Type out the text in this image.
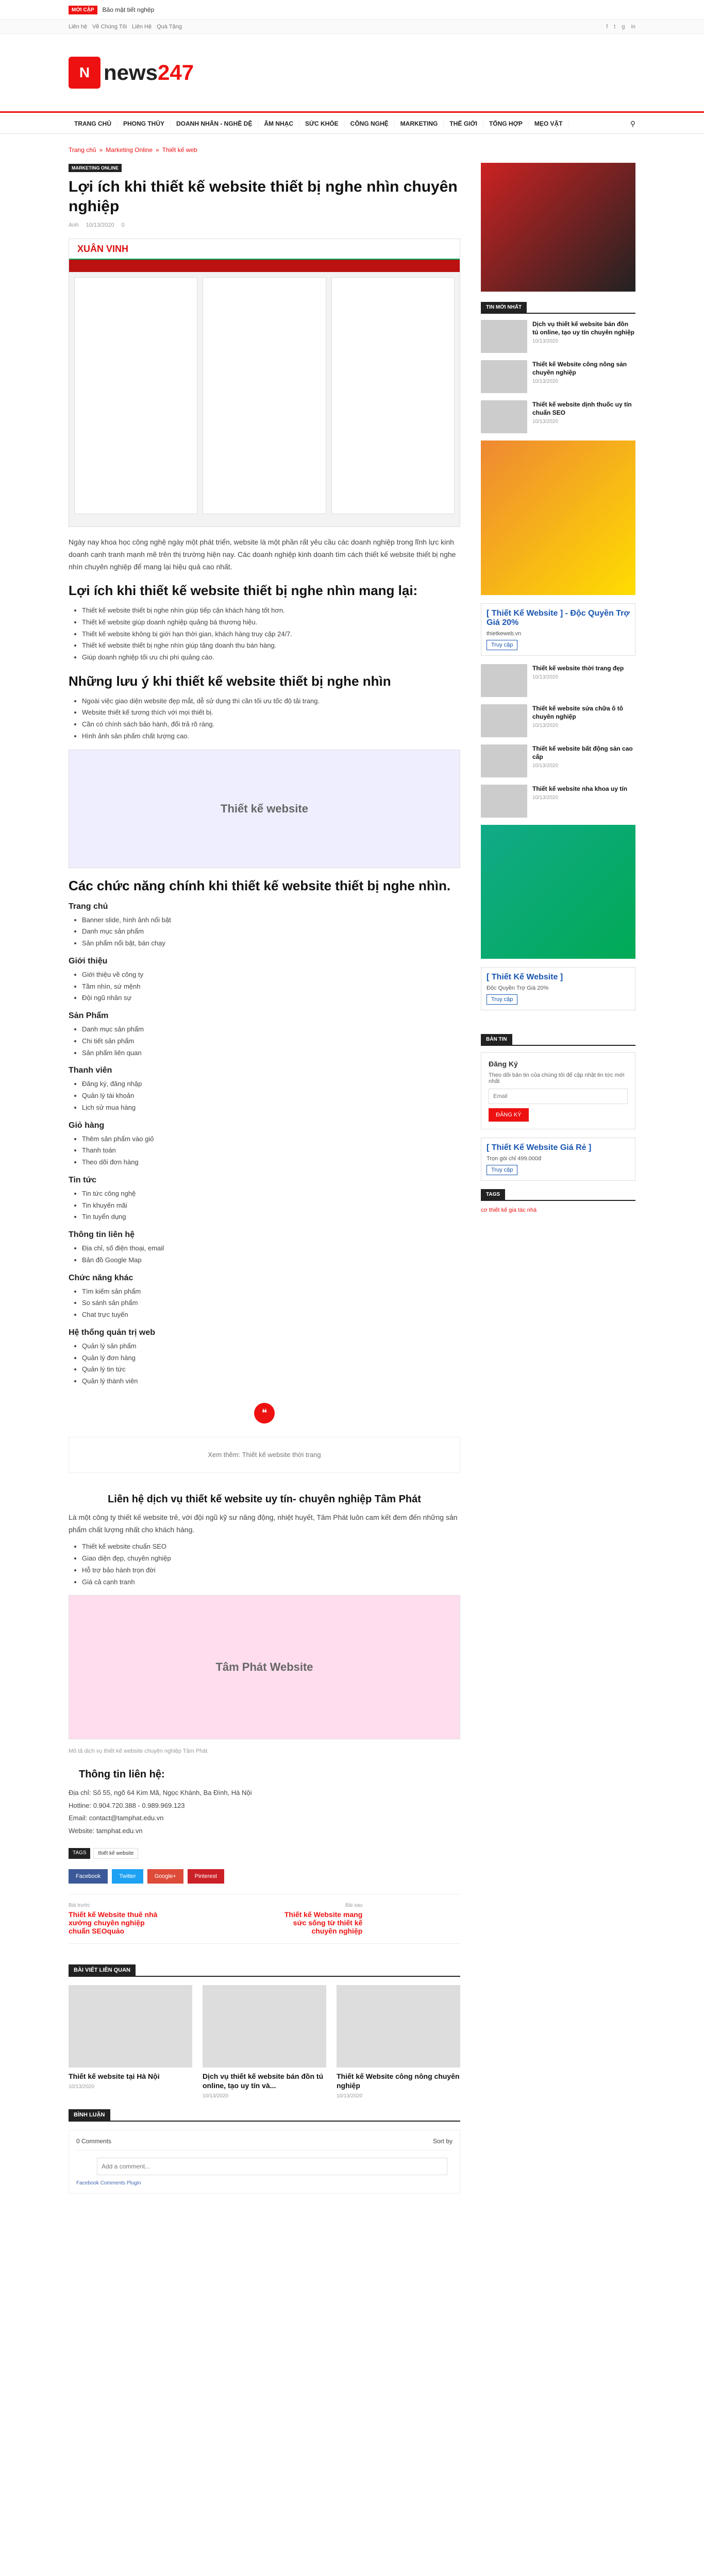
MỚI CẬP	Bảo mật tiết nghệp
Liên hệ Về Chúng Tôi Liên Hệ Quà Tặng	f t g in
N news247
TRANG CHỦ	PHONG THỦY	DOANH NHÂN - NGHỀ DỆ	ÂM NHẠC	SỨC KHỎE	CÔNG NGHỆ	MARKETING	THẾ GIỚI	TỔNG HỢP	MẸO VẶT	⚲
Trang chủ » Marketing Online » Thiết kế web
MARKETING ONLINE
Lợi ích khi thiết kế website thiết bị nghe nhìn chuyên nghiệp
Anh 10/13/2020 0
XUÂN VINH

Ngày nay khoa học công nghệ ngày một phát triển, website là một phần rất yêu cầu các doanh nghiệp trong lĩnh lực kinh doanh cạnh tranh mạnh mẽ trên thị trường hiện nay. Các doanh nghiệp kinh doanh tìm cách thiết kế website thiết bị nghe nhìn chuyên nghiệp để mang lại hiệu quả cao nhất.

Lợi ích khi thiết kế website thiết bị nghe nhìn mang lại:
• Thiết kế website thiết bị nghe nhìn giúp tiếp cận khách hàng tốt hơn.
• Thiết kế website giúp doanh nghiệp quảng bá thương hiệu.
• Thiết kế website không bị giới hạn thời gian, khách hàng truy cập 24/7.
• Thiết kế website thiết bị nghe nhìn giúp tăng doanh thu bán hàng.
• Giúp doanh nghiệp tối ưu chi phí quảng cáo.
Những lưu ý khi thiết kế website thiết bị nghe nhìn
• Ngoài việc giao diện website đẹp mắt, dễ sử dụng thì cần tối ưu tốc độ tải trang.
• Website thiết kế tương thích với mọi thiết bị.
• Cần có chính sách bảo hành, đổi trả rõ ràng.
• Hình ảnh sản phẩm chất lượng cao.
Thiết kế website
Các chức năng chính khi thiết kế website thiết bị nghe nhìn.
Trang chủ
• Banner slide, hình ảnh nổi bật
• Danh mục sản phẩm
• Sản phẩm nổi bật, bán chạy
Giới thiệu
• Giới thiệu về công ty
• Tầm nhìn, sứ mệnh
• Đội ngũ nhân sự
Sản Phẩm
• Danh mục sản phẩm
• Chi tiết sản phẩm
• Sản phẩm liên quan
Thanh viên
• Đăng ký, đăng nhập
• Quản lý tài khoản
• Lịch sử mua hàng
Giỏ hàng
• Thêm sản phẩm vào giỏ
• Thanh toán
• Theo dõi đơn hàng
Tin tức
• Tin tức công nghệ
• Tin khuyến mãi
• Tin tuyển dụng
Thông tin liên hệ
• Địa chỉ, số điện thoại, email
• Bản đồ Google Map
Chức năng khác
• Tìm kiếm sản phẩm
• So sánh sản phẩm
• Chat trực tuyến
Hệ thống quản trị web
• Quản lý sản phẩm
• Quản lý đơn hàng
• Quản lý tin tức
• Quản lý thành viên
❝
Xem thêm: Thiết kế website thời trang
Liên hệ dịch vụ thiết kế website uy tín- chuyên nghiệp Tâm Phát

Là một công ty thiết kế website trẻ, với đội ngũ kỹ sư năng động, nhiệt huyết, Tâm Phát luôn cam kết đem đến những sản phẩm chất lượng nhất cho khách hàng.

• Thiết kế website chuẩn SEO
• Giao diện đẹp, chuyên nghiệp
• Hỗ trợ bảo hành trọn đời
• Giá cả cạnh tranh
Tâm Phát Website

Mô tả dịch vụ thiết kế website chuyên nghiệp Tâm Phát

Thông tin liên hệ:
Địa chỉ: Số 55, ngõ 64 Kim Mã, Ngọc Khánh, Ba Đình, Hà Nội
Hotline: 0.904.720.388 - 0.989.969.123
Email: contact@tamphat.edu.vn
Website: tamphat.edu.vn
TAGS	thiết kế website
Facebook	Twitter	Google+	Pinterest
Bài trước
Thiết kế Website thuê nhà xưởng chuyên nghiệp chuẩn SEOquảo
Bài sau
Thiết kế Website mang sức sống từ thiết kế chuyên nghiệp
BÀI VIẾT LIÊN QUAN
Thiết kế website tại Hà Nội
10/13/2020
Dịch vụ thiết kế website bán đồn tú online, tạo uy tín và...
10/13/2020
Thiết kế Website công nông chuyên nghiệp
10/13/2020
BÌNH LUẬN
0 Comments	Sort by
Add a comment...
Facebook Comments Plugin
TIN MỚI NHẤT
Dịch vụ thiết kế website bán đồn tú online, tạo uy tín chuyên nghiệp
10/13/2020
Thiết kế Website công nông sản chuyên nghiệp
10/13/2020
Thiết kế website dịnh thuốc uy tín chuẩn SEO
10/13/2020
[ Thiết Kế Website ] - Độc Quyền Trợ Giá 20%
thietkeweb.vn
Truy cập
Thiết kế website thời trang đẹp
10/13/2020
Thiết kế website sửa chữa ô tô chuyên nghiệp
10/13/2020
Thiết kế website bất động sản cao cấp
10/13/2020
Thiết kế website nha khoa uy tín
10/13/2020
[ Thiết Kế Website ]
Độc Quyền Trợ Giá 20%
Truy cập
BẢN TIN
Đăng Ký
Theo dõi bản tin của chúng tôi để cập nhật tin tức mới nhất
Email ĐĂNG KÝ
[ Thiết Kế Website Giá Rẻ ]
Trọn gói chỉ 499.000đ
Truy cập
TAGS
cơ thiết kế gia tác nhà
